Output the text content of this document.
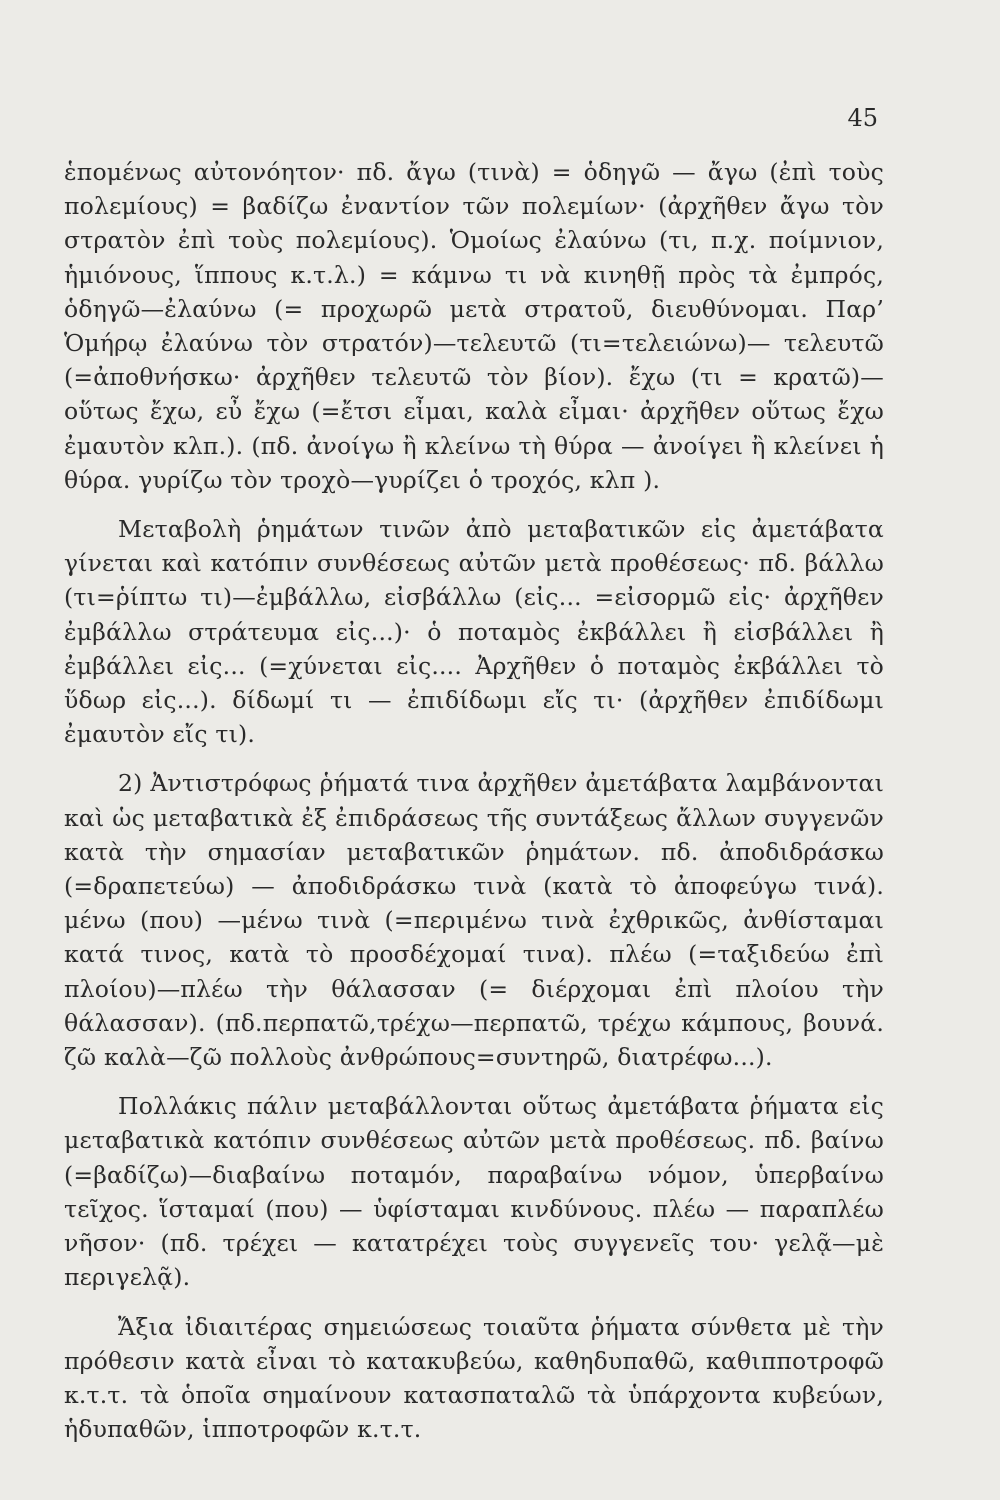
45

ἑπομένως αὐτονόητον· πδ. ἄγω (τινὰ) = ὁδηγῶ — ἄγω (ἐπὶ τοὺς πολεμίους) = βαδίζω ἐναντίον τῶν πολεμίων· (ἀρχῆθεν ἄγω τὸν στρατὸν ἐπὶ τοὺς πολεμίους). Ὁμοίως ἐλαύνω (τι, π.χ. ποίμνιον, ἡμιόνους, ἵππους κ.τ.λ.) = κάμνω τι νὰ κινηθῇ πρὸς τὰ ἐμπρός, ὁδηγῶ—ἐλαύνω (= προχωρῶ μετὰ στρατοῦ, διευθύνομαι. Παρ’ Ὁμήρῳ ἐλαύνω τὸν στρατόν)—τελευτῶ (τι=τελειώνω)— τελευτῶ (=ἀποθνήσκω· ἀρχῆθεν τελευτῶ τὸν βίον). ἔχω (τι = κρατῶ)— οὕτως ἔχω, εὖ ἔχω (=ἔτσι εἶμαι, καλὰ εἶμαι· ἀρχῆθεν οὕτως ἔχω ἐμαυτὸν κλπ.). (πδ. ἀνοίγω ἢ κλείνω τὴ θύρα — ἀνοίγει ἢ κλείνει ἡ θύρα. γυρίζω τὸν τροχὸ—γυρίζει ὁ τροχός, κλπ ).

Μεταβολὴ ῥημάτων τινῶν ἀπὸ μεταβατικῶν εἰς ἀμετάβατα γίνεται καὶ κατόπιν συνθέσεως αὐτῶν μετὰ προθέσεως· πδ. βάλλω (τι=ῥίπτω τι)—ἐμβάλλω, εἰσβάλλω (εἰς... =εἰσορμῶ εἰς· ἀρχῆθεν ἐμβάλλω στράτευμα εἰς...)· ὁ ποταμὸς ἐκβάλλει ἢ εἰσβάλλει ἢ ἐμβάλλει εἰς... (=χύνεται εἰς.... Ἀρχῆθεν ὁ ποταμὸς ἐκβάλλει τὸ ὕδωρ εἰς...). δίδωμί τι — ἐπιδίδωμι εἴς τι· (ἀρχῆθεν ἐπιδίδωμι ἐμαυτὸν εἴς τι).

2) Ἀντιστρόφως ῥήματά τινα ἀρχῆθεν ἀμετάβατα λαμβάνονται καὶ ὡς μεταβατικὰ ἐξ ἐπιδράσεως τῆς συντάξεως ἄλλων συγγενῶν κατὰ τὴν σημασίαν μεταβατικῶν ῥημάτων. πδ. ἀποδιδράσκω (=δραπετεύω) — ἀποδιδράσκω τινὰ (κατὰ τὸ ἀποφεύγω τινά). μένω (που) —μένω τινὰ (=περιμένω τινὰ ἐχθρικῶς, ἀνθίσταμαι κατά τινος, κατὰ τὸ προσδέχομαί τινα). πλέω (=ταξιδεύω ἐπὶ πλοίου)—πλέω τὴν θάλασσαν (= διέρχομαι ἐπὶ πλοίου τὴν θάλασσαν). (πδ.περπατῶ,τρέχω—περπατῶ, τρέχω κάμπους, βουνά. ζῶ καλὰ—ζῶ πολλοὺς ἀνθρώπους=συντηρῶ, διατρέφω...).

Πολλάκις πάλιν μεταβάλλονται οὕτως ἀμετάβατα ῥήματα εἰς μεταβατικὰ κατόπιν συνθέσεως αὐτῶν μετὰ προθέσεως. πδ. βαίνω (=βαδίζω)—διαβαίνω ποταμόν, παραβαίνω νόμον, ὑπερβαίνω τεῖχος. ἵσταμαί (που) — ὑφίσταμαι κινδύνους. πλέω — παραπλέω νῆσον· (πδ. τρέχει — κατατρέχει τοὺς συγγενεῖς του· γελᾷ—μὲ περιγελᾷ).

Ἄξια ἰδιαιτέρας σημειώσεως τοιαῦτα ῥήματα σύνθετα μὲ τὴν πρόθεσιν κατὰ εἶναι τὸ κατακυβεύω, καθηδυπαθῶ, καθιπποτροφῶ κ.τ.τ. τὰ ὁποῖα σημαίνουν κατασπαταλῶ τὰ ὑπάρχοντα κυβεύων, ἡδυπαθῶν, ἱπποτροφῶν κ.τ.τ.
